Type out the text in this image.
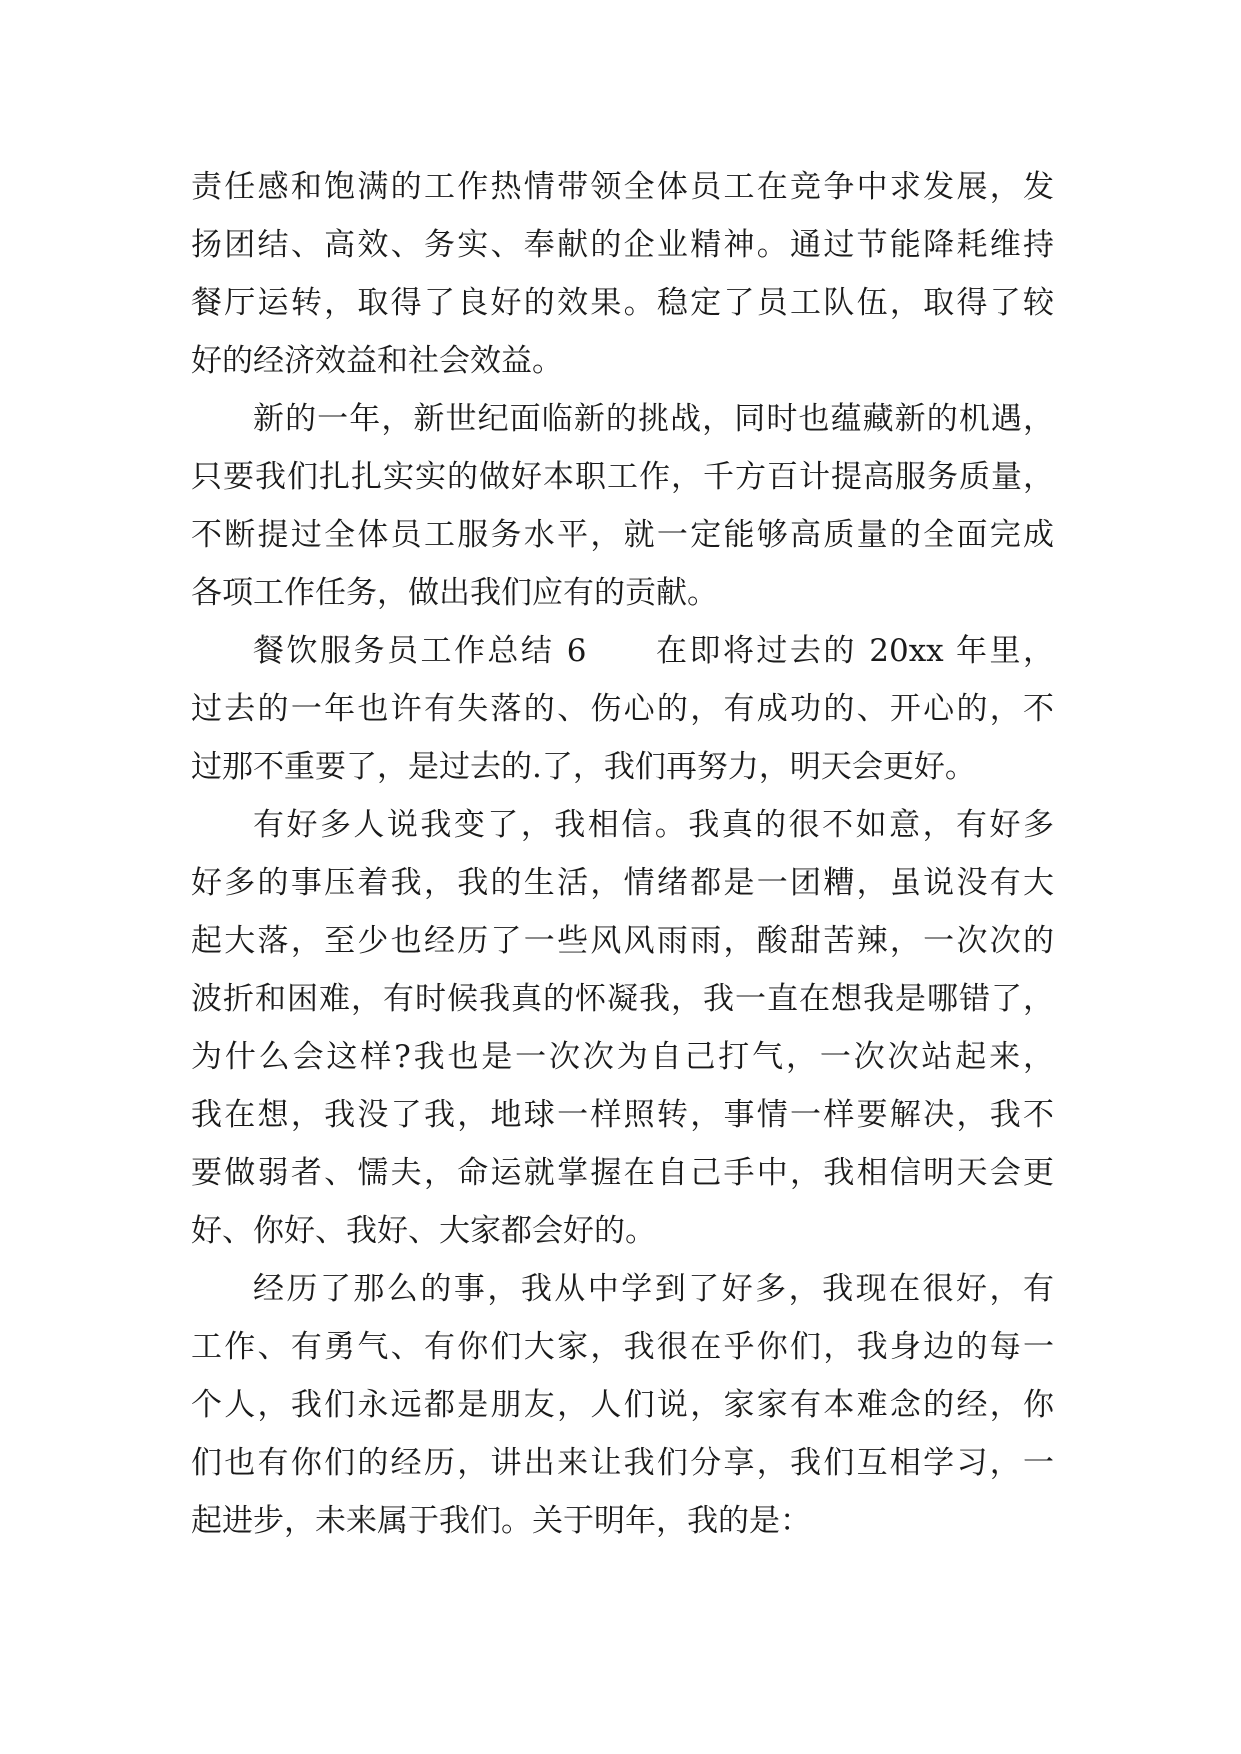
责任感和饱满的工作热情带领全体员工在竞争中求发展，发
扬团结、高效、务实、奉献的企业精神。通过节能降耗维持
餐厅运转，取得了良好的效果。稳定了员工队伍，取得了较
好的经济效益和社会效益。
新的一年，新世纪面临新的挑战，同时也蕴藏新的机遇，
只要我们扎扎实实的做好本职工作，千方百计提高服务质量，
不断提过全体员工服务水平，就一定能够高质量的全面完成
各项工作任务，做出我们应有的贡献。
餐饮服务员工作总结 6　　在即将过去的 20xx 年里，
过去的一年也许有失落的、伤心的，有成功的、开心的，不
过那不重要了，是过去的.了，我们再努力，明天会更好。
有好多人说我变了，我相信。我真的很不如意，有好多
好多的事压着我，我的生活，情绪都是一团糟，虽说没有大
起大落，至少也经历了一些风风雨雨，酸甜苦辣，一次次的
波折和困难，有时候我真的怀凝我，我一直在想我是哪错了，
为什么会这样?我也是一次次为自己打气，一次次站起来，
我在想，我没了我，地球一样照转，事情一样要解决，我不
要做弱者、懦夫，命运就掌握在自己手中，我相信明天会更
好、你好、我好、大家都会好的。
经历了那么的事，我从中学到了好多，我现在很好，有
工作、有勇气、有你们大家，我很在乎你们，我身边的每一
个人，我们永远都是朋友，人们说，家家有本难念的经，你
们也有你们的经历，讲出来让我们分享，我们互相学习，一
起进步，未来属于我们。关于明年，我的是：
